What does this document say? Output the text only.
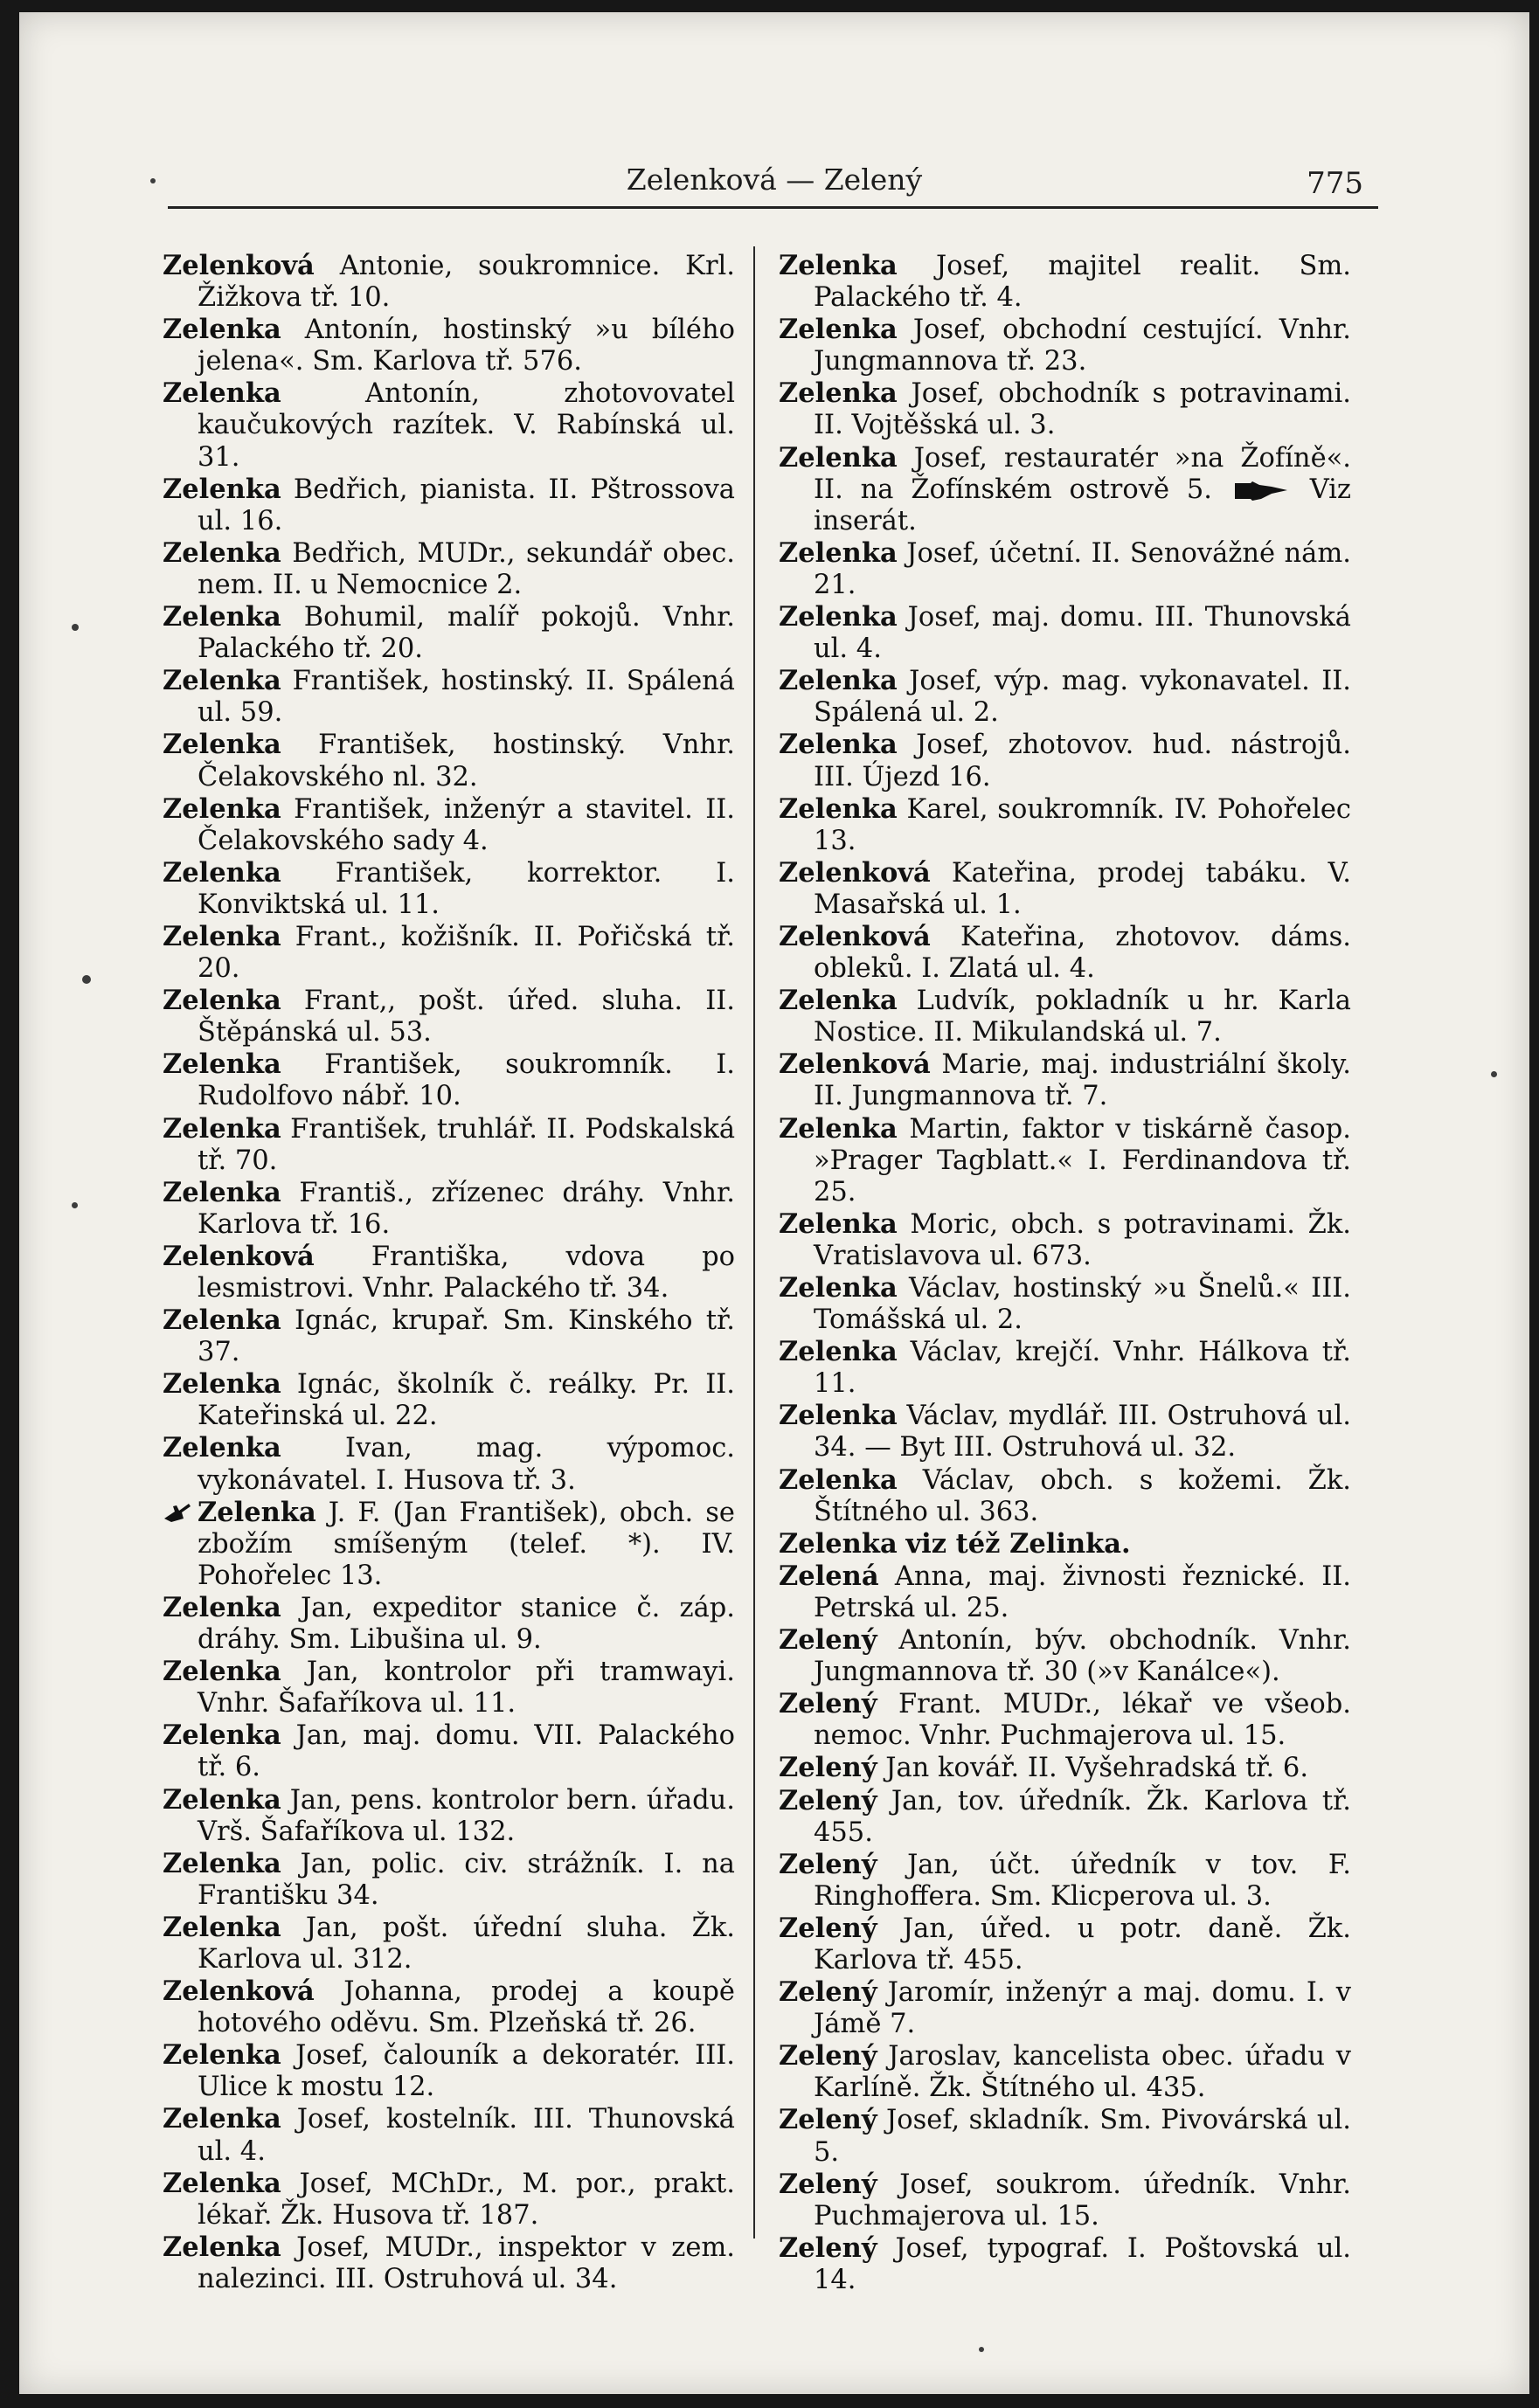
Zelenková — Zelený	775

Zelenková Antonie, soukromnice. Krl. Žižkova tř. 10.

Zelenka Antonín, hostinský »u bílého jelena«. Sm. Karlova tř. 576.

Zelenka	Antonín, zhotovovatel kaučukových razítek. V. Rabínská ul. 31.

Zelenka Bedřich, pianista. II. Pštrossova ul. 16.

Zelenka Bedřich, MUDr., sekundář obec. nem. II. u Nemocnice 2.

Zelenka Bohumil, malíř pokojů. Vnhr. Palackého tř. 20.

Zelenka František, hostinský. II. Spálená ul. 59.

Zelenka František, hostinský. Vnhr. Čelakovského nl. 32.

Zelenka František, inženýr a stavitel. II. Čelakovského sady 4.

Zelenka František, korrektor. I. Konviktská ul. 11.

Zelenka Frant., kožišník. II. Pořičská tř. 20.

Zelenka Frant,, pošt. úřed. sluha. II. Štěpánská ul. 53.

Zelenka František, soukromník. I. Rudolfovo nábř. 10.

Zelenka František, truhlář. II. Podskalská tř. 70.

Zelenka Františ., zřízenec dráhy. Vnhr. Karlova tř. 16.

Zelenková Františka, vdova po lesmistrovi. Vnhr. Palackého tř. 34.

Zelenka Ignác, krupař. Sm. Kinského tř. 37.

Zelenka Ignác, školník č. reálky. Pr. II. Kateřinská ul. 22.

Zelenka Ivan, mag. výpomoc. vykonávatel. I. Husova tř. 3.

Zelenka J. F. (Jan František), obch. se zbožím smíšeným (telef. *). IV. Pohořelec 13.

Zelenka Jan, expeditor stanice č. záp. dráhy. Sm. Libušina ul. 9.

Zelenka Jan, kontrolor při tramwayi. Vnhr. Šafaříkova ul. 11.

Zelenka Jan, maj. domu. VII. Palackého tř. 6.

Zelenka Jan, pens. kontrolor bern. úřadu. Vrš. Šafaříkova ul. 132.

Zelenka Jan, polic. civ. strážník. I. na Františku 34.

Zelenka Jan, pošt. úřední sluha. Žk. Karlova ul. 312.

Zelenková Johanna, prodej a koupě hotového oděvu. Sm. Plzeňská tř. 26.

Zelenka Josef, čalouník a dekoratér. III. Ulice k mostu 12.

Zelenka Josef, kostelník. III. Thunovská ul. 4.

Zelenka Josef, MChDr., M. por., prakt. lékař. Žk. Husova tř. 187.

Zelenka Josef, MUDr., inspektor v zem. nalezinci. III. Ostruhová ul. 34.

Zelenka Josef, majitel realit. Sm. Palackého tř. 4.

Zelenka Josef, obchodní cestující. Vnhr. Jungmannova tř. 23.

Zelenka Josef, obchodník s potravinami. II. Vojtěšská ul. 3.

Zelenka Josef, restauratér »na Žofíně«. II. na Žofínském ostrově 5.	Viz inserát.

Zelenka Josef, účetní. II. Senovážné nám. 21.

Zelenka Josef, maj. domu. III. Thunovská ul. 4.

Zelenka Josef, výp. mag. vykonavatel. II. Spálená ul. 2.

Zelenka Josef, zhotovov. hud. nástrojů. III. Újezd 16.

Zelenka Karel, soukromník. IV. Pohořelec 13.

Zelenková Kateřina, prodej tabáku. V. Masařská ul. 1.

Zelenková Kateřina, zhotovov. dáms. obleků. I. Zlatá ul. 4.

Zelenka Ludvík, pokladník u hr. Karla Nostice. II. Mikulandská ul. 7.

Zelenková Marie, maj. industriální školy. II. Jungmannova tř. 7.

Zelenka Martin, faktor v tiskárně časop. »Prager Tagblatt.« I. Ferdinandova tř. 25.

Zelenka Moric, obch. s potravinami. Žk. Vratislavova ul. 673.

Zelenka Václav, hostinský »u Šnelů.« III. Tomášská ul. 2.

Zelenka Václav, krejčí. Vnhr. Hálkova tř. 11.

Zelenka Václav, mydlář. III. Ostruhová ul. 34. — Byt III. Ostruhová ul. 32.

Zelenka Václav, obch. s kožemi. Žk. Štítného ul. 363.

Zelenka viz též Zelinka.

Zelená Anna, maj. živnosti řeznické. II. Petrská ul. 25.

Zelený Antonín, býv. obchodník. Vnhr. Jungmannova tř. 30 (»v Kanálce«).

Zelený Frant. MUDr., lékař ve všeob. nemoc. Vnhr. Puchmajerova ul. 15.

Zelený Jan kovář. II. Vyšehradská tř. 6.

Zelený Jan, tov. úředník. Žk. Karlova tř. 455.

Zelený Jan, účt. úředník v tov. F. Ringhoffera. Sm. Klicperova ul. 3.

Zelený Jan, úřed. u potr. daně. Žk. Karlova tř. 455.

Zelený Jaromír, inženýr a maj. domu. I. v Jámě 7.

Zelený Jaroslav, kancelista obec. úřadu v Karlíně. Žk. Štítného ul. 435.

Zelený Josef, skladník. Sm. Pivovárská ul. 5.

Zelený Josef, soukrom. úředník. Vnhr. Puchmajerova ul. 15.

Zelený Josef, typograf. I. Poštovská ul. 14.
